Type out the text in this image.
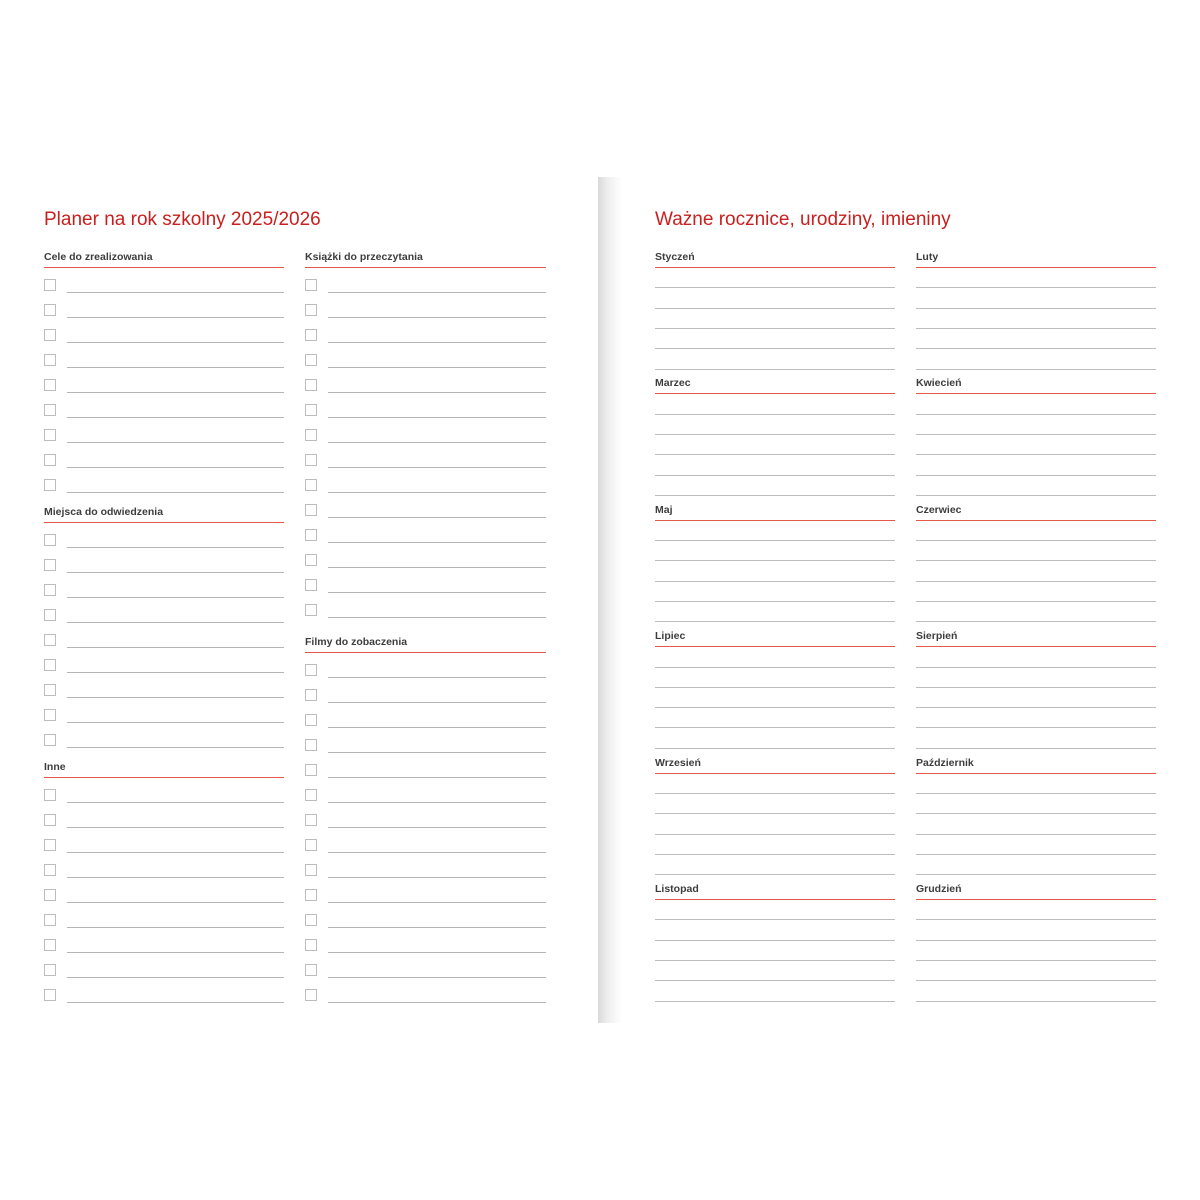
Planer na rok szkolny 2025/2026	Ważne rocznice, urodziny, imieniny
Cele do zrealizowania
Miejsca do odwiedzenia
Inne
Książki do przeczytania
Filmy do zobaczenia
Styczeń	Luty
Marzec	Kwiecień
Maj	Czerwiec
Lipiec	Sierpień
Wrzesień	Październik
Listopad	Grudzień
